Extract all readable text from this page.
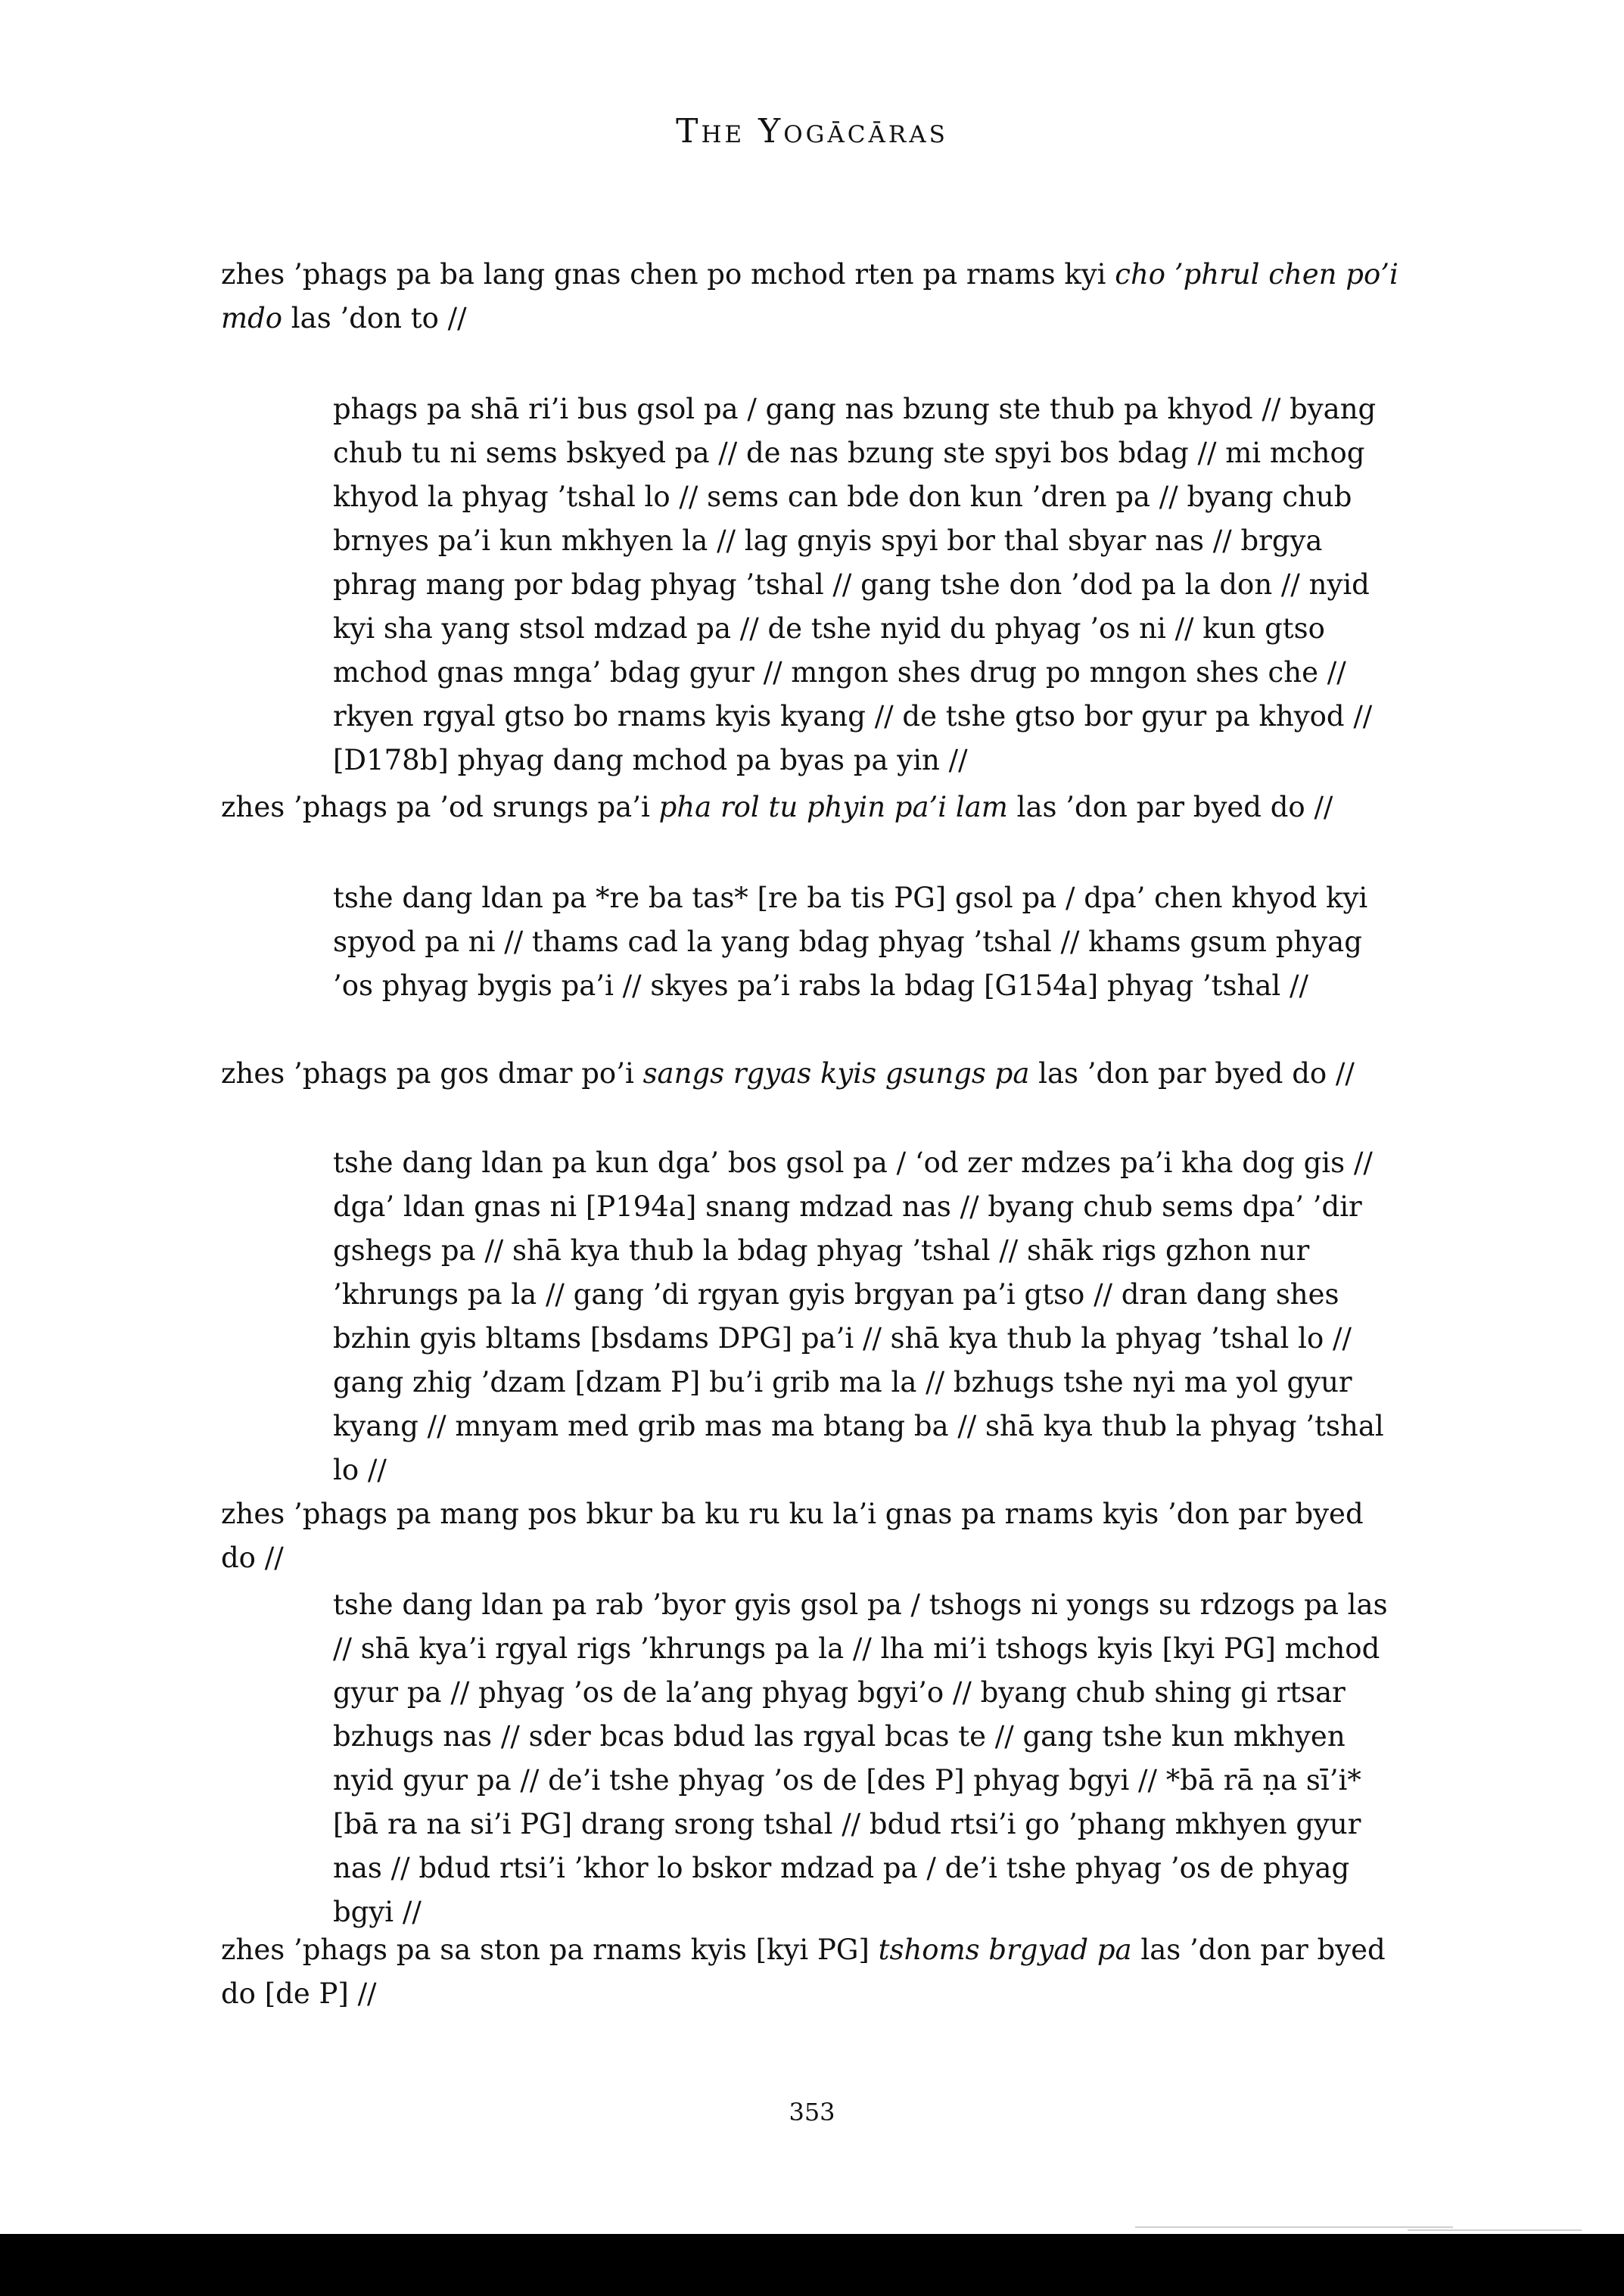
The Yogācāras

zhes ’phags pa ba lang gnas chen po mchod rten pa rnams kyi cho ’phrul chen po’i mdo las ’don to //

phags pa shā ri’i bus gsol pa / gang nas bzung ste thub pa khyod // byang chub tu ni sems bskyed pa // de nas bzung ste spyi bos bdag // mi mchog khyod la phyag ’tshal lo // sems can bde don kun ’dren pa // byang chub brnyes pa’i kun mkhyen la // lag gnyis spyi bor thal sbyar nas // brgya phrag mang por bdag phyag ’tshal // gang tshe don ’dod pa la don // nyid kyi sha yang stsol mdzad pa // de tshe nyid du phyag ’os ni // kun gtso mchod gnas mnga’ bdag gyur // mngon shes drug po mngon shes che // rkyen rgyal gtso bo rnams kyis kyang // de tshe gtso bor gyur pa khyod // [D178b] phyag dang mchod pa byas pa yin //

zhes ’phags pa ’od srungs pa’i pha rol tu phyin pa’i lam las ’don par byed do //

tshe dang ldan pa *re ba tas* [re ba tis PG] gsol pa / dpa’ chen khyod kyi spyod pa ni // thams cad la yang bdag phyag ’tshal // khams gsum phyag ’os phyag bygis pa’i // skyes pa’i rabs la bdag [G154a] phyag ’tshal //

zhes ’phags pa gos dmar po’i sangs rgyas kyis gsungs pa las ’don par byed do //

tshe dang ldan pa kun dga’ bos gsol pa / ‘od zer mdzes pa’i kha dog gis // dga’ ldan gnas ni [P194a] snang mdzad nas // byang chub sems dpa’ ’dir gshegs pa // shā kya thub la bdag phyag ’tshal // shāk rigs gzhon nur ’khrungs pa la // gang ’di rgyan gyis brgyan pa’i gtso // dran dang shes bzhin gyis bltams [bsdams DPG] pa’i // shā kya thub la phyag ’tshal lo // gang zhig ’dzam [dzam P] bu’i grib ma la // bzhugs tshe nyi ma yol gyur kyang // mnyam med grib mas ma btang ba // shā kya thub la phyag ’tshal lo //

zhes ’phags pa mang pos bkur ba ku ru ku la’i gnas pa rnams kyis ’don par byed do //

tshe dang ldan pa rab ’byor gyis gsol pa / tshogs ni yongs su rdzogs pa las // shā kya’i rgyal rigs ’khrungs pa la // lha mi’i tshogs kyis [kyi PG] mchod gyur pa // phyag ’os de la’ang phyag bgyi’o // byang chub shing gi rtsar bzhugs nas // sder bcas bdud las rgyal bcas te // gang tshe kun mkhyen nyid gyur pa // de’i tshe phyag ’os de [des P] phyag bgyi // *bā rā ṇa sī’i* [bā ra na si’i PG] drang srong tshal // bdud rtsi’i go ’phang mkhyen gyur nas // bdud rtsi’i ’khor lo bskor mdzad pa / de’i tshe phyag ’os de phyag bgyi //

zhes ’phags pa sa ston pa rnams kyis [kyi PG] tshoms brgyad pa las ’don par byed do [de P] //

353
